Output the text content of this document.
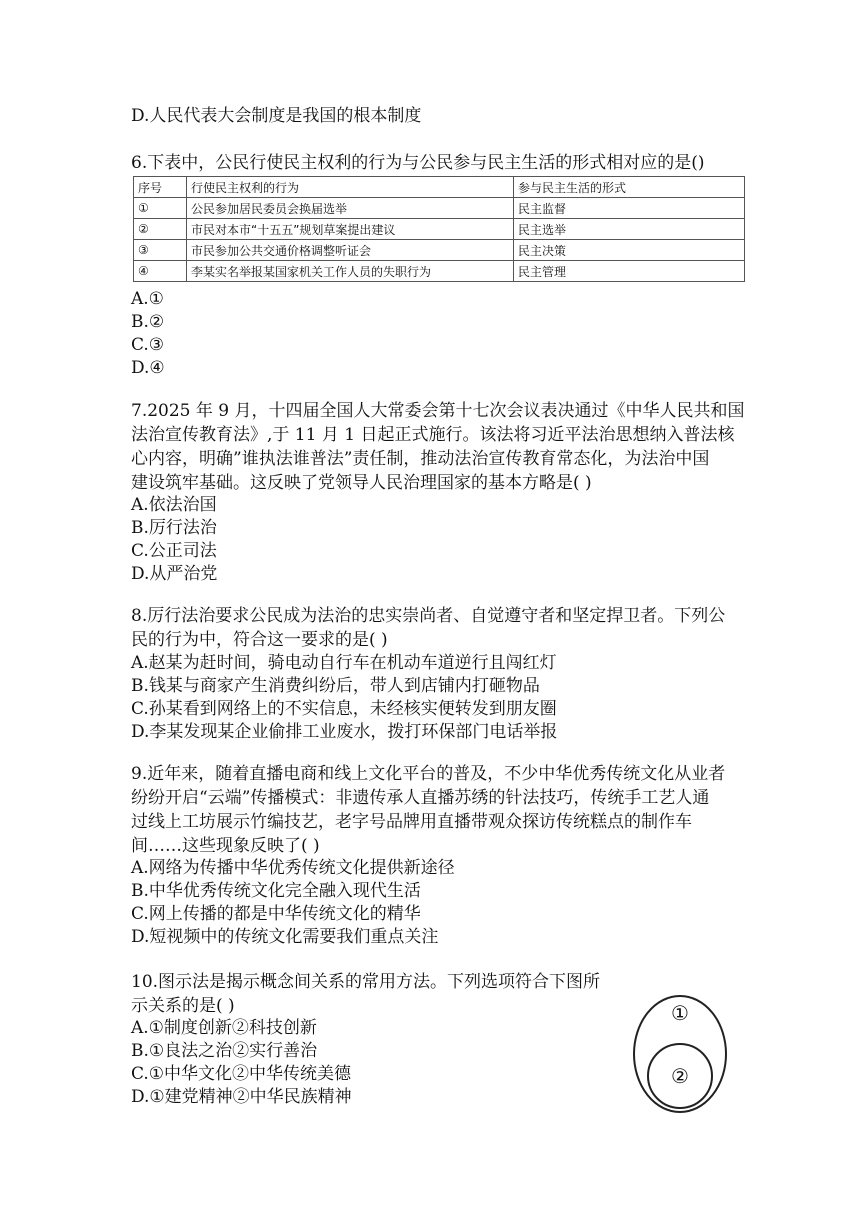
D.人民代表大会制度是我国的根本制度
6.下表中，公民行使民主权利的行为与公民参与民主生活的形式相对应的是()
序号	行使民主权利的行为	参与民主生活的形式
①	公民参加居民委员会换届选举	民主监督
②	市民对本市“十五五”规划草案提出建议	民主选举
③	市民参加公共交通价格调整听证会	民主决策
④	李某实名举报某国家机关工作人员的失职行为	民主管理
A.①
B.②
C.③
D.④
7.2025 年 9 月，十四届全国人大常委会第十七次会议表决通过《中华人民共和国
法治宣传教育法》,于 11 月 1 日起正式施行。该法将习近平法治思想纳入普法核
心内容，明确”谁执法谁普法”责任制，推动法治宣传教育常态化，为法治中国
建设筑牢基础。这反映了党领导人民治理国家的基本方略是( )
A.依法治国
B.厉行法治
C.公正司法
D.从严治党
8.厉行法治要求公民成为法治的忠实崇尚者、自觉遵守者和坚定捍卫者。下列公
民的行为中，符合这一要求的是( )
A.赵某为赶时间，骑电动自行车在机动车道逆行且闯红灯
B.钱某与商家产生消费纠纷后，带人到店铺内打砸物品
C.孙某看到网络上的不实信息，未经核实便转发到朋友圈
D.李某发现某企业偷排工业废水，拨打环保部门电话举报
9.近年来，随着直播电商和线上文化平台的普及，不少中华优秀传统文化从业者
纷纷开启“云端”传播模式：非遗传承人直播苏绣的针法技巧，传统手工艺人通
过线上工坊展示竹编技艺，老字号品牌用直播带观众探访传统糕点的制作车
间……这些现象反映了( )
A.网络为传播中华优秀传统文化提供新途径
B.中华优秀传统文化完全融入现代生活
C.网上传播的都是中华传统文化的精华
D.短视频中的传统文化需要我们重点关注
10.图示法是揭示概念间关系的常用方法。下列选项符合下图所
示关系的是( )
A.①制度创新②科技创新
B.①良法之治②实行善治
C.①中华文化②中华传统美德
D.①建党精神②中华民族精神
①
②
